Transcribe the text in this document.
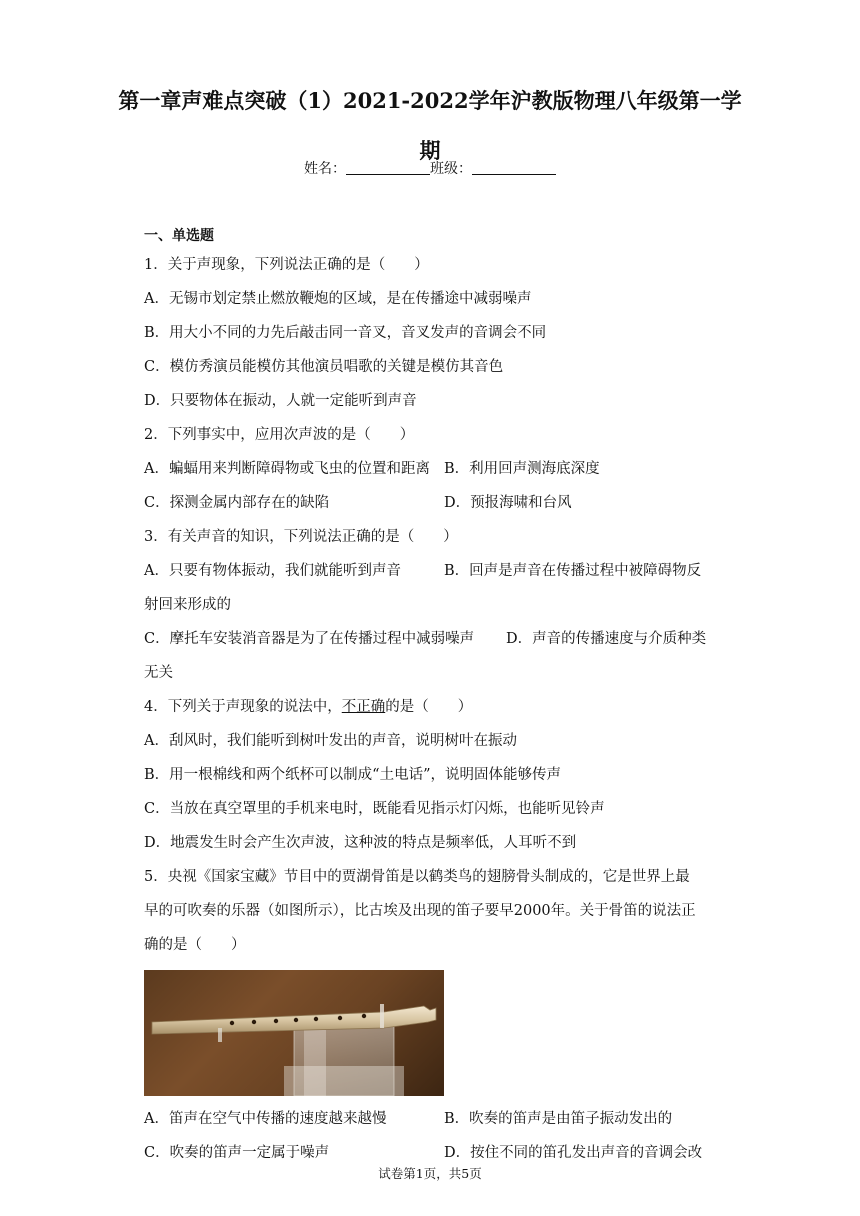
第一章声难点突破（1）2021-2022学年沪教版物理八年级第一学期
姓名：	班级：
一、单选题
1．关于声现象，下列说法正确的是（　　）
A．无锡市划定禁止燃放鞭炮的区域，是在传播途中减弱噪声
B．用大小不同的力先后敲击同一音叉，音叉发声的音调会不同
C．模仿秀演员能模仿其他演员唱歌的关键是模仿其音色
D．只要物体在振动，人就一定能听到声音
2．下列事实中，应用次声波的是（　　）
A．蝙蝠用来判断障碍物或飞虫的位置和距离 B．利用回声测海底深度
C．探测金属内部存在的缺陷	D．预报海啸和台风
3．有关声音的知识，下列说法正确的是（　　）
A．只要有物体振动，我们就能听到声音	B．回声是声音在传播过程中被障碍物反
射回来形成的
C．摩托车安装消音器是为了在传播过程中减弱噪声	D．声音的传播速度与介质种类
无关
4．下列关于声现象的说法中，不正确的是（　　）
A．刮风时，我们能听到树叶发出的声音，说明树叶在振动
B．用一根棉线和两个纸杯可以制成“土电话”，说明固体能够传声
C．当放在真空罩里的手机来电时，既能看见指示灯闪烁，也能听见铃声
D．地震发生时会产生次声波，这种波的特点是频率低，人耳听不到
5．央视《国家宝藏》节目中的贾湖骨笛是以鹤类鸟的翅膀骨头制成的，它是世界上最
早的可吹奏的乐器（如图所示），比古埃及出现的笛子要早2000年。关于骨笛的说法正
确的是（　　）
A．笛声在空气中传播的速度越来越慢	B．吹奏的笛声是由笛子振动发出的
C．吹奏的笛声一定属于噪声	D．按住不同的笛孔发出声音的音调会改
试卷第1页，共5页
